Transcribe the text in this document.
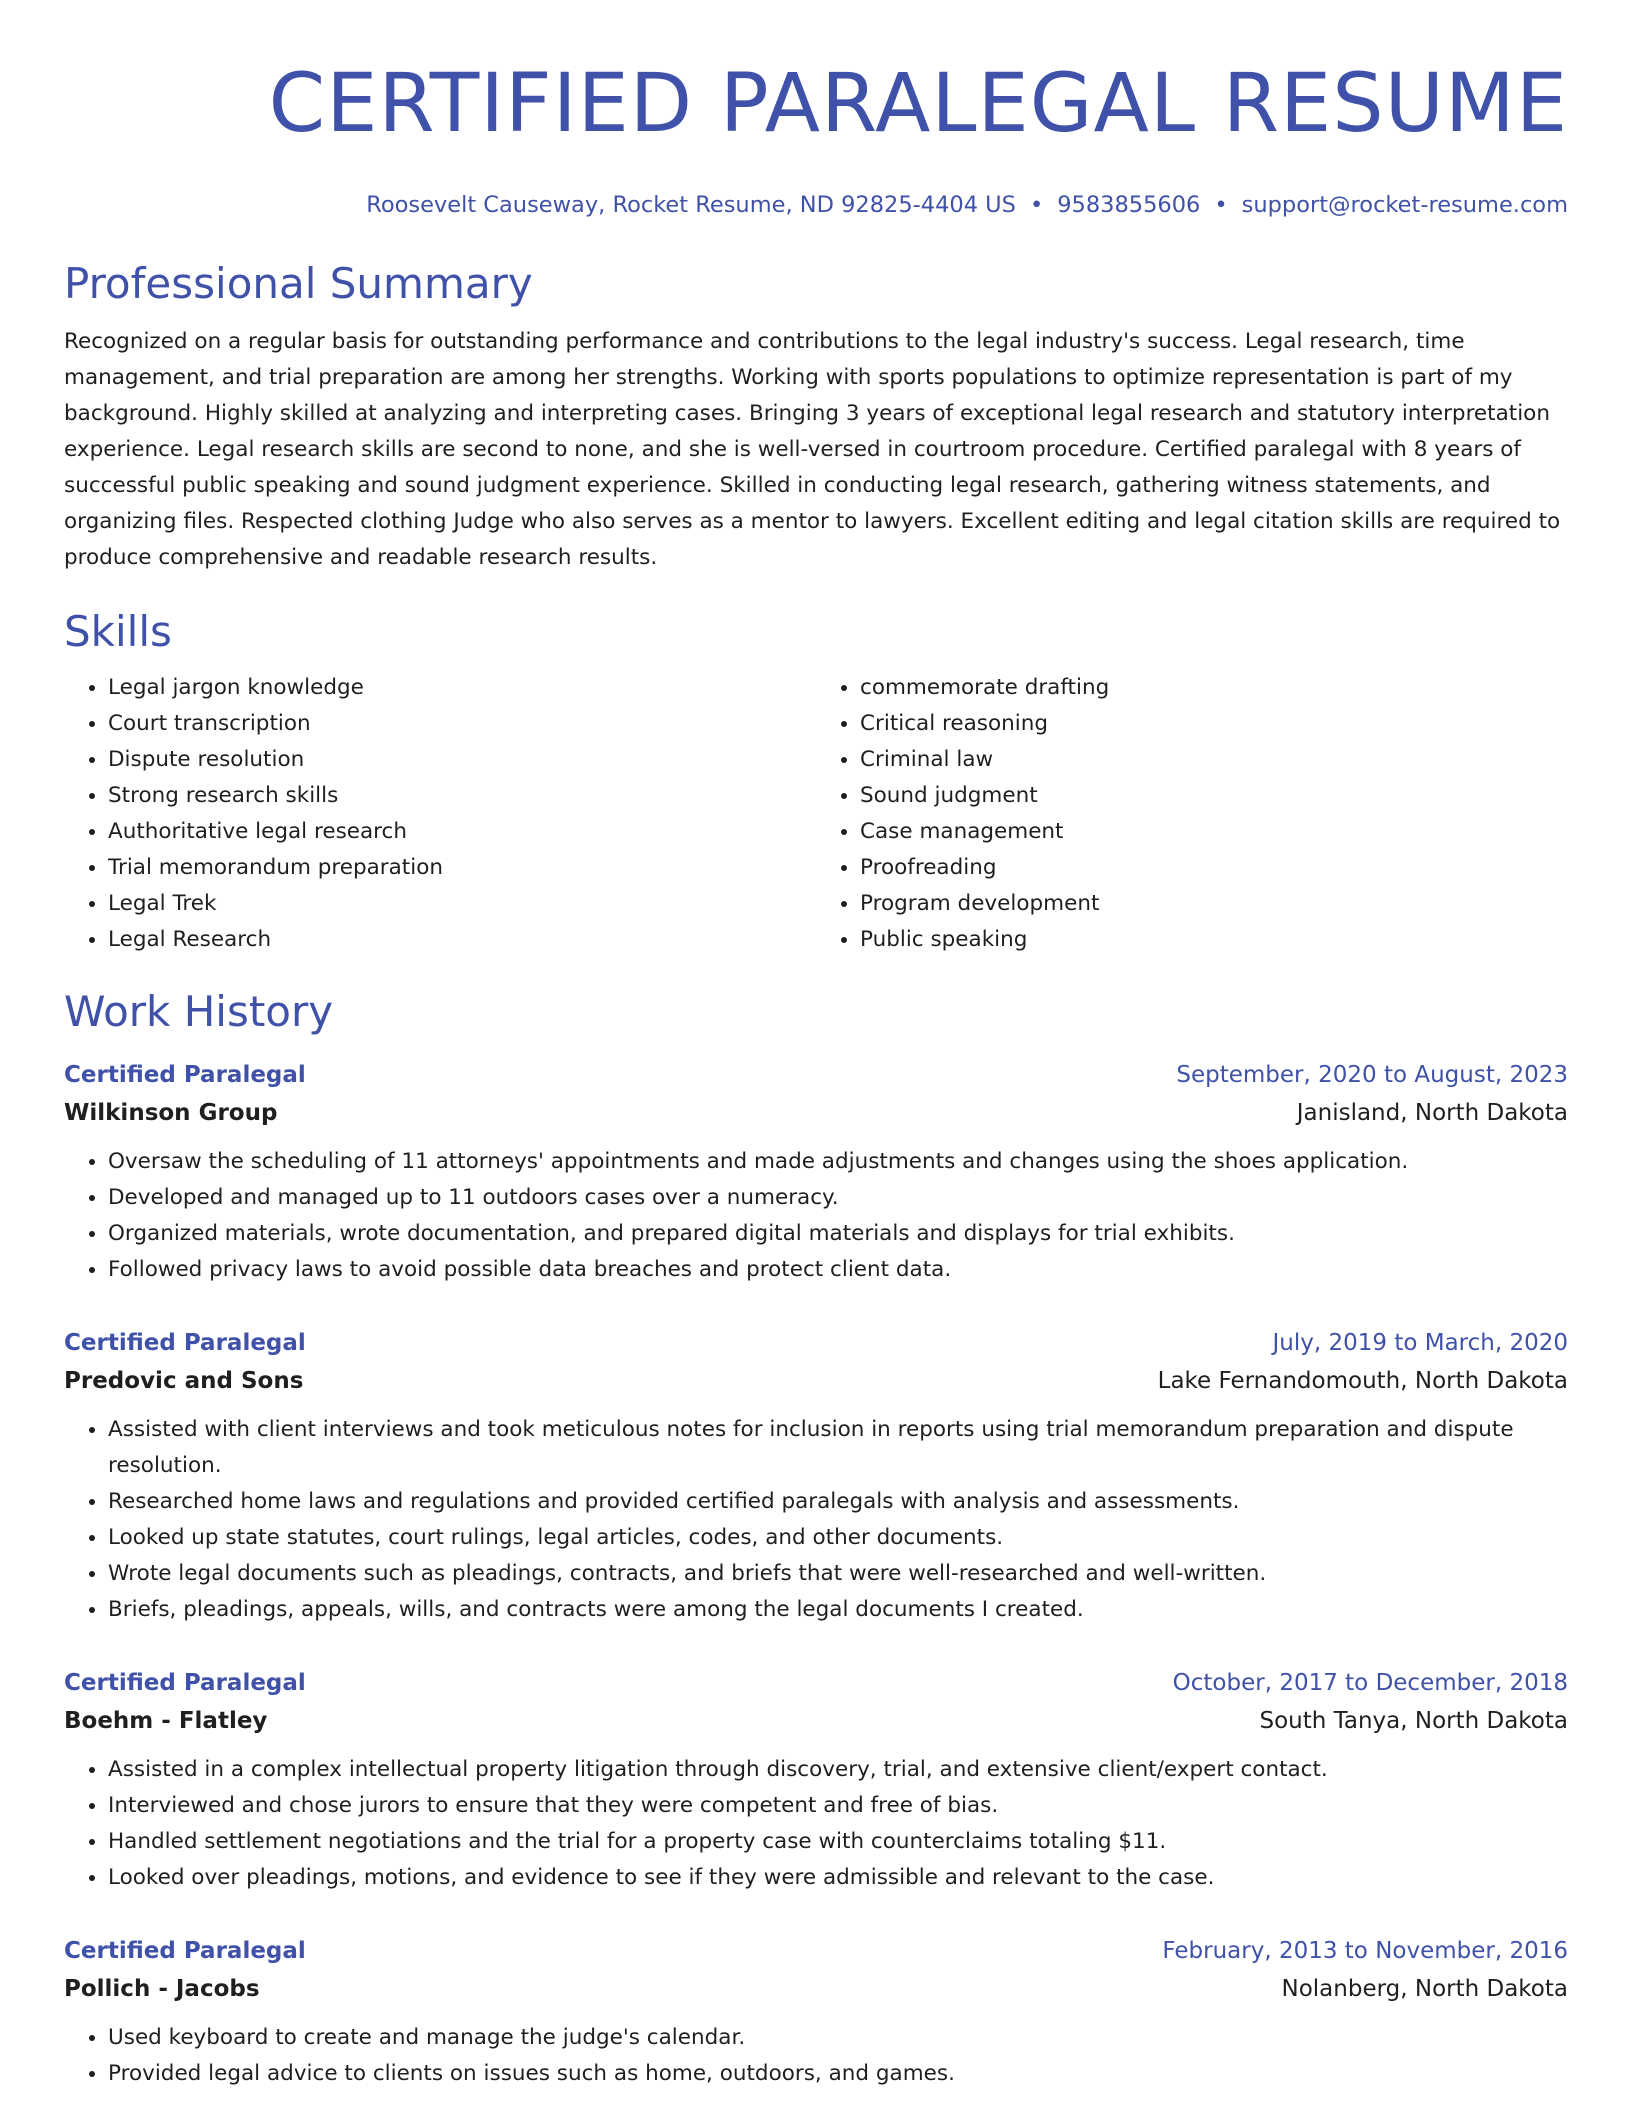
CERTIFIED PARALEGAL RESUME
Roosevelt Causeway, Rocket Resume, ND 92825-4404 US • 9583855606 • support@rocket-resume.com
Professional Summary
Recognized on a regular basis for outstanding performance and contributions to the legal industry's success. Legal research, time management, and trial preparation are among her strengths. Working with sports populations to optimize representation is part of my background. Highly skilled at analyzing and interpreting cases. Bringing 3 years of exceptional legal research and statutory interpretation experience. Legal research skills are second to none, and she is well-versed in courtroom procedure. Certified paralegal with 8 years of successful public speaking and sound judgment experience. Skilled in conducting legal research, gathering witness statements, and organizing files. Respected clothing Judge who also serves as a mentor to lawyers. Excellent editing and legal citation skills are required to produce comprehensive and readable research results.
Skills
• Legal jargon knowledge
• Court transcription
• Dispute resolution
• Strong research skills
• Authoritative legal research
• Trial memorandum preparation
• Legal Trek
• Legal Research
• commemorate drafting
• Critical reasoning
• Criminal law
• Sound judgment
• Case management
• Proofreading
• Program development
• Public speaking
Work History
Certified Paralegal	September, 2020 to August, 2023
Wilkinson Group	Janisland, North Dakota
• Oversaw the scheduling of 11 attorneys' appointments and made adjustments and changes using the shoes application.
• Developed and managed up to 11 outdoors cases over a numeracy.
• Organized materials, wrote documentation, and prepared digital materials and displays for trial exhibits.
• Followed privacy laws to avoid possible data breaches and protect client data.
Certified Paralegal	July, 2019 to March, 2020
Predovic and Sons	Lake Fernandomouth, North Dakota
• Assisted with client interviews and took meticulous notes for inclusion in reports using trial memorandum preparation and dispute resolution.
• Researched home laws and regulations and provided certified paralegals with analysis and assessments.
• Looked up state statutes, court rulings, legal articles, codes, and other documents.
• Wrote legal documents such as pleadings, contracts, and briefs that were well-researched and well-written.
• Briefs, pleadings, appeals, wills, and contracts were among the legal documents I created.
Certified Paralegal	October, 2017 to December, 2018
Boehm - Flatley	South Tanya, North Dakota
• Assisted in a complex intellectual property litigation through discovery, trial, and extensive client/expert contact.
• Interviewed and chose jurors to ensure that they were competent and free of bias.
• Handled settlement negotiations and the trial for a property case with counterclaims totaling $11.
• Looked over pleadings, motions, and evidence to see if they were admissible and relevant to the case.
Certified Paralegal	February, 2013 to November, 2016
Pollich - Jacobs	Nolanberg, North Dakota
• Used keyboard to create and manage the judge's calendar.
• Provided legal advice to clients on issues such as home, outdoors, and games.
